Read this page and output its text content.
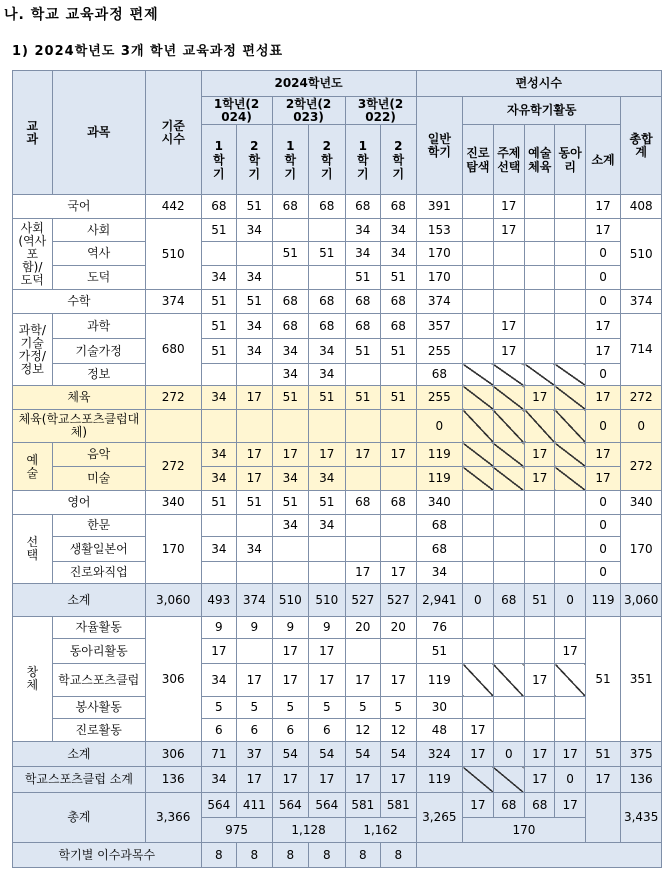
나. 학교 교육과정 편제
1) 2024학년도 3개 학년 교육과정 편성표
교과	과목	기준시수	2024학년도						편성시수						
			1학년(2024)		2학년(2023)		3학년(2022)		일반학기	자유학기활동					총합계
			1학기	2학기	1학기	2학기	1학기	2학기		진로탐색	주제선택	예술체육	동아리	소계	
국어		442	68	51	68	68	68	68	391		17			17	408
사회(역사포함)/도덕	사회	510	51	34			34	34	153		17			17	510
	역사				51	51	34	34	170					0	
	도덕		34	34			51	51	170					0	
수학		374	51	51	68	68	68	68	374					0	374
과학/기술가정/정보	과학	680	51	34	68	68	68	68	357		17			17	714
	기술가정		51	34	34	34	51	51	255		17			17	
	정보				34	34			68					0	
체육		272	34	17	51	51	51	51	255			17		17	272
체육(학교스포츠클럽대체)									0					0	0
예술	음악	272	34	17	17	17	17	17	119			17		17	272
	미술		34	17	34	34			119			17		17	
영어		340	51	51	51	51	68	68	340					0	340
선택	한문	170			34	34			68					0	170
	생활일본어		34	34					68					0	
	진로와직업						17	17	34					0	
소계		3,060	493	374	510	510	527	527	2,941	0	68	51	0	119	3,060
창체	자율활동	306	9	9	9	9	20	20	76					51	351
	동아리활동		17		17	17			51				17		
	학교스포츠클럽		34	17	17	17	17	17	119			17			
	봉사활동		5	5	5	5	5	5	30						
	진로활동		6	6	6	6	12	12	48	17					
소계		306	71	37	54	54	54	54	324	17	0	17	17	51	375
학교스포츠클럽 소계		136	34	17	17	17	17	17	119			17	0	17	136
총계		3,366	564	411	564	564	581	581	3,265	17	68	68	17		3,435
			975		1,128		1,162			170					
학기별 이수과목수			8	8	8	8	8	8							
